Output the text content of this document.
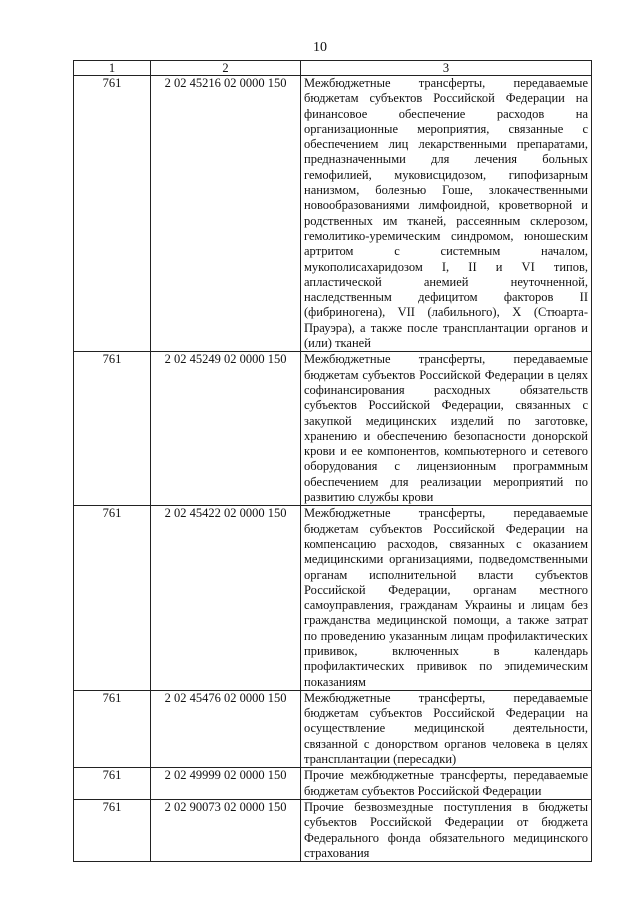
10
1	2	3
761	2 02 45216 02 0000 150	Межбюджетные трансферты, передаваемые бюджетам субъектов Российской Федерации на финансовое обеспечение расходов на организационные мероприятия, связанные с обеспечением лиц лекарственными препаратами, предназначенными для лечения больных гемофилией, муковисцидозом, гипофизарным нанизмом, болезнью Гоше, злокачественными новообразованиями лимфоидной, кроветворной и родственных им тканей, рассеянным склерозом, гемолитико-уремическим синдромом, юношеским артритом с системным началом, мукополисахаридозом I, II и VI типов, апластической анемией неуточненной, наследственным дефицитом факторов II (фибриногена), VII (лабильного), X (Стюарта-Прауэра), а также после трансплантации органов и (или) тканей
761	2 02 45249 02 0000 150	Межбюджетные трансферты, передаваемые бюджетам субъектов Российской Федерации в целях софинансирования расходных обязательств субъектов Российской Федерации, связанных с закупкой медицинских изделий по заготовке, хранению и обеспечению безопасности донорской крови и ее компонентов, компьютерного и сетевого оборудования с лицензионным программным обеспечением для реализации мероприятий по развитию службы крови
761	2 02 45422 02 0000 150	Межбюджетные трансферты, передаваемые бюджетам субъектов Российской Федерации на компенсацию расходов, связанных с оказанием медицинскими организациями, подведомственными органам исполнительной власти субъектов Российской Федерации, органам местного самоуправления, гражданам Украины и лицам без гражданства медицинской помощи, а также затрат по проведению указанным лицам профилактических прививок, включенных в календарь профилактических прививок по эпидемическим показаниям
761	2 02 45476 02 0000 150	Межбюджетные трансферты, передаваемые бюджетам субъектов Российской Федерации на осуществление медицинской деятельности, связанной с донорством органов человека в целях трансплантации (пересадки)
761	2 02 49999 02 0000 150	Прочие межбюджетные трансферты, передаваемые бюджетам субъектов Российской Федерации
761	2 02 90073 02 0000 150	Прочие безвозмездные поступления в бюджеты субъектов Российской Федерации от бюджета Федерального фонда обязательного медицинского страхования
